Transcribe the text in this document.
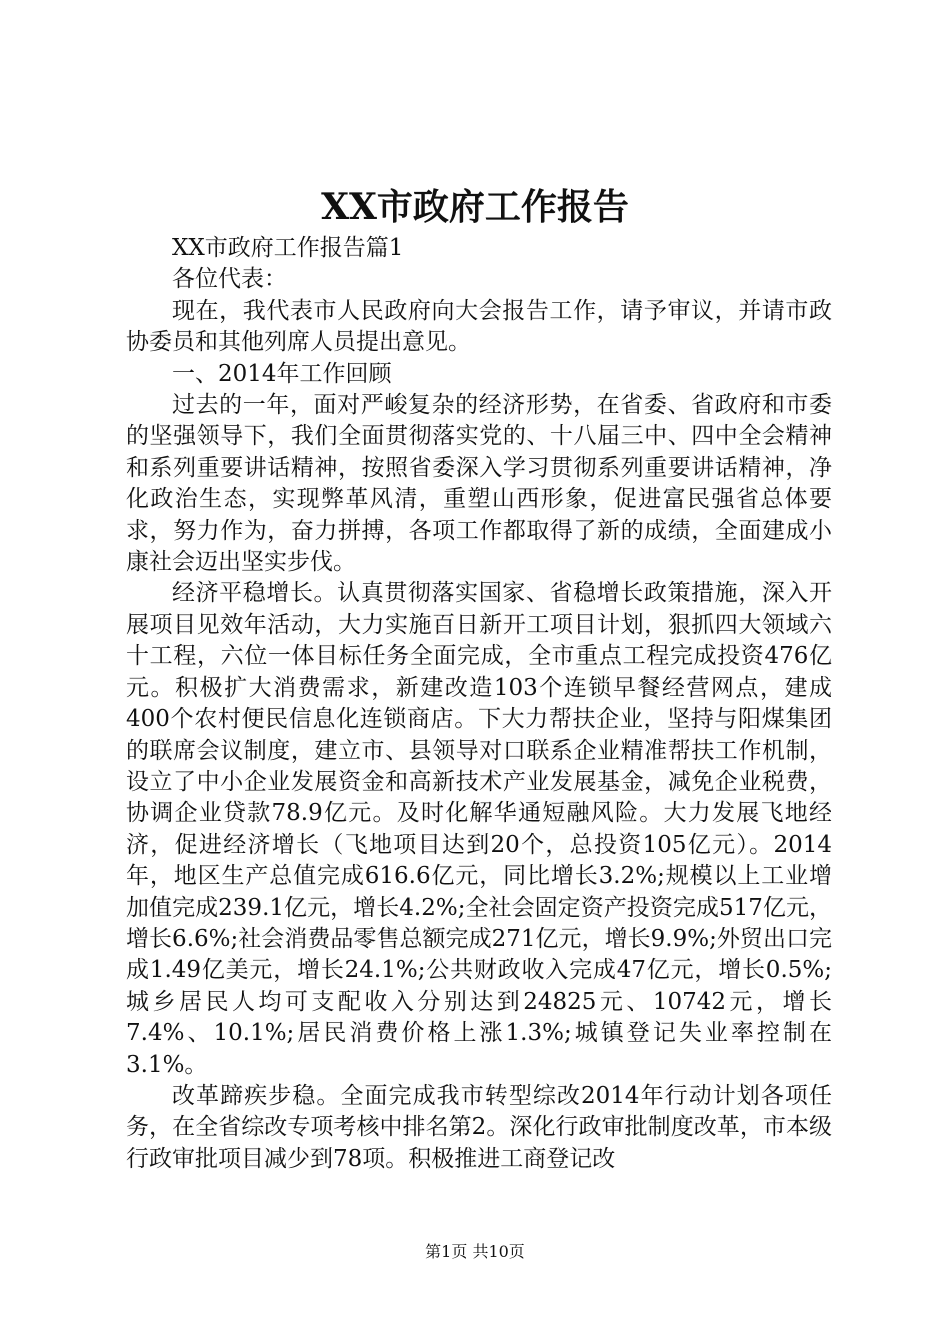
XX市政府工作报告

XX市政府工作报告篇1

各位代表：

现在，我代表市人民政府向大会报告工作，请予审议，并请市政协委员和其他列席人员提出意见。

一、2014年工作回顾

过去的一年，面对严峻复杂的经济形势，在省委、省政府和市委的坚强领导下，我们全面贯彻落实党的、十八届三中、四中全会精神和系列重要讲话精神，按照省委深入学习贯彻系列重要讲话精神，净化政治生态，实现弊革风清，重塑山西形象，促进富民强省总体要求，努力作为，奋力拼搏，各项工作都取得了新的成绩，全面建成小康社会迈出坚实步伐。

经济平稳增长。认真贯彻落实国家、省稳增长政策措施，深入开展项目见效年活动，大力实施百日新开工项目计划，狠抓四大领域六十工程，六位一体目标任务全面完成，全市重点工程完成投资476亿元。积极扩大消费需求，新建改造103个连锁早餐经营网点，建成400个农村便民信息化连锁商店。下大力帮扶企业，坚持与阳煤集团的联席会议制度，建立市、县领导对口联系企业精准帮扶工作机制，设立了中小企业发展资金和高新技术产业发展基金，减免企业税费，协调企业贷款78.9亿元。及时化解华通短融风险。大力发展飞地经济，促进经济增长（飞地项目达到20个，总投资105亿元）。2014年，地区生产总值完成616.6亿元，同比增长3.2%;规模以上工业增加值完成239.1亿元，增长4.2%;全社会固定资产投资完成517亿元，增长6.6%;社会消费品零售总额完成271亿元，增长9.9%;外贸出口完成1.49亿美元，增长24.1%;公共财政收入完成47亿元，增长0.5%;城乡居民人均可支配收入分别达到24825元、10742元，增长7.4%、10.1%;居民消费价格上涨1.3%;城镇登记失业率控制在3.1%。

改革蹄疾步稳。全面完成我市转型综改2014年行动计划各项任务，在全省综改专项考核中排名第2。深化行政审批制度改革，市本级行政审批项目减少到78项。积极推进工商登记改

第1页 共10页
